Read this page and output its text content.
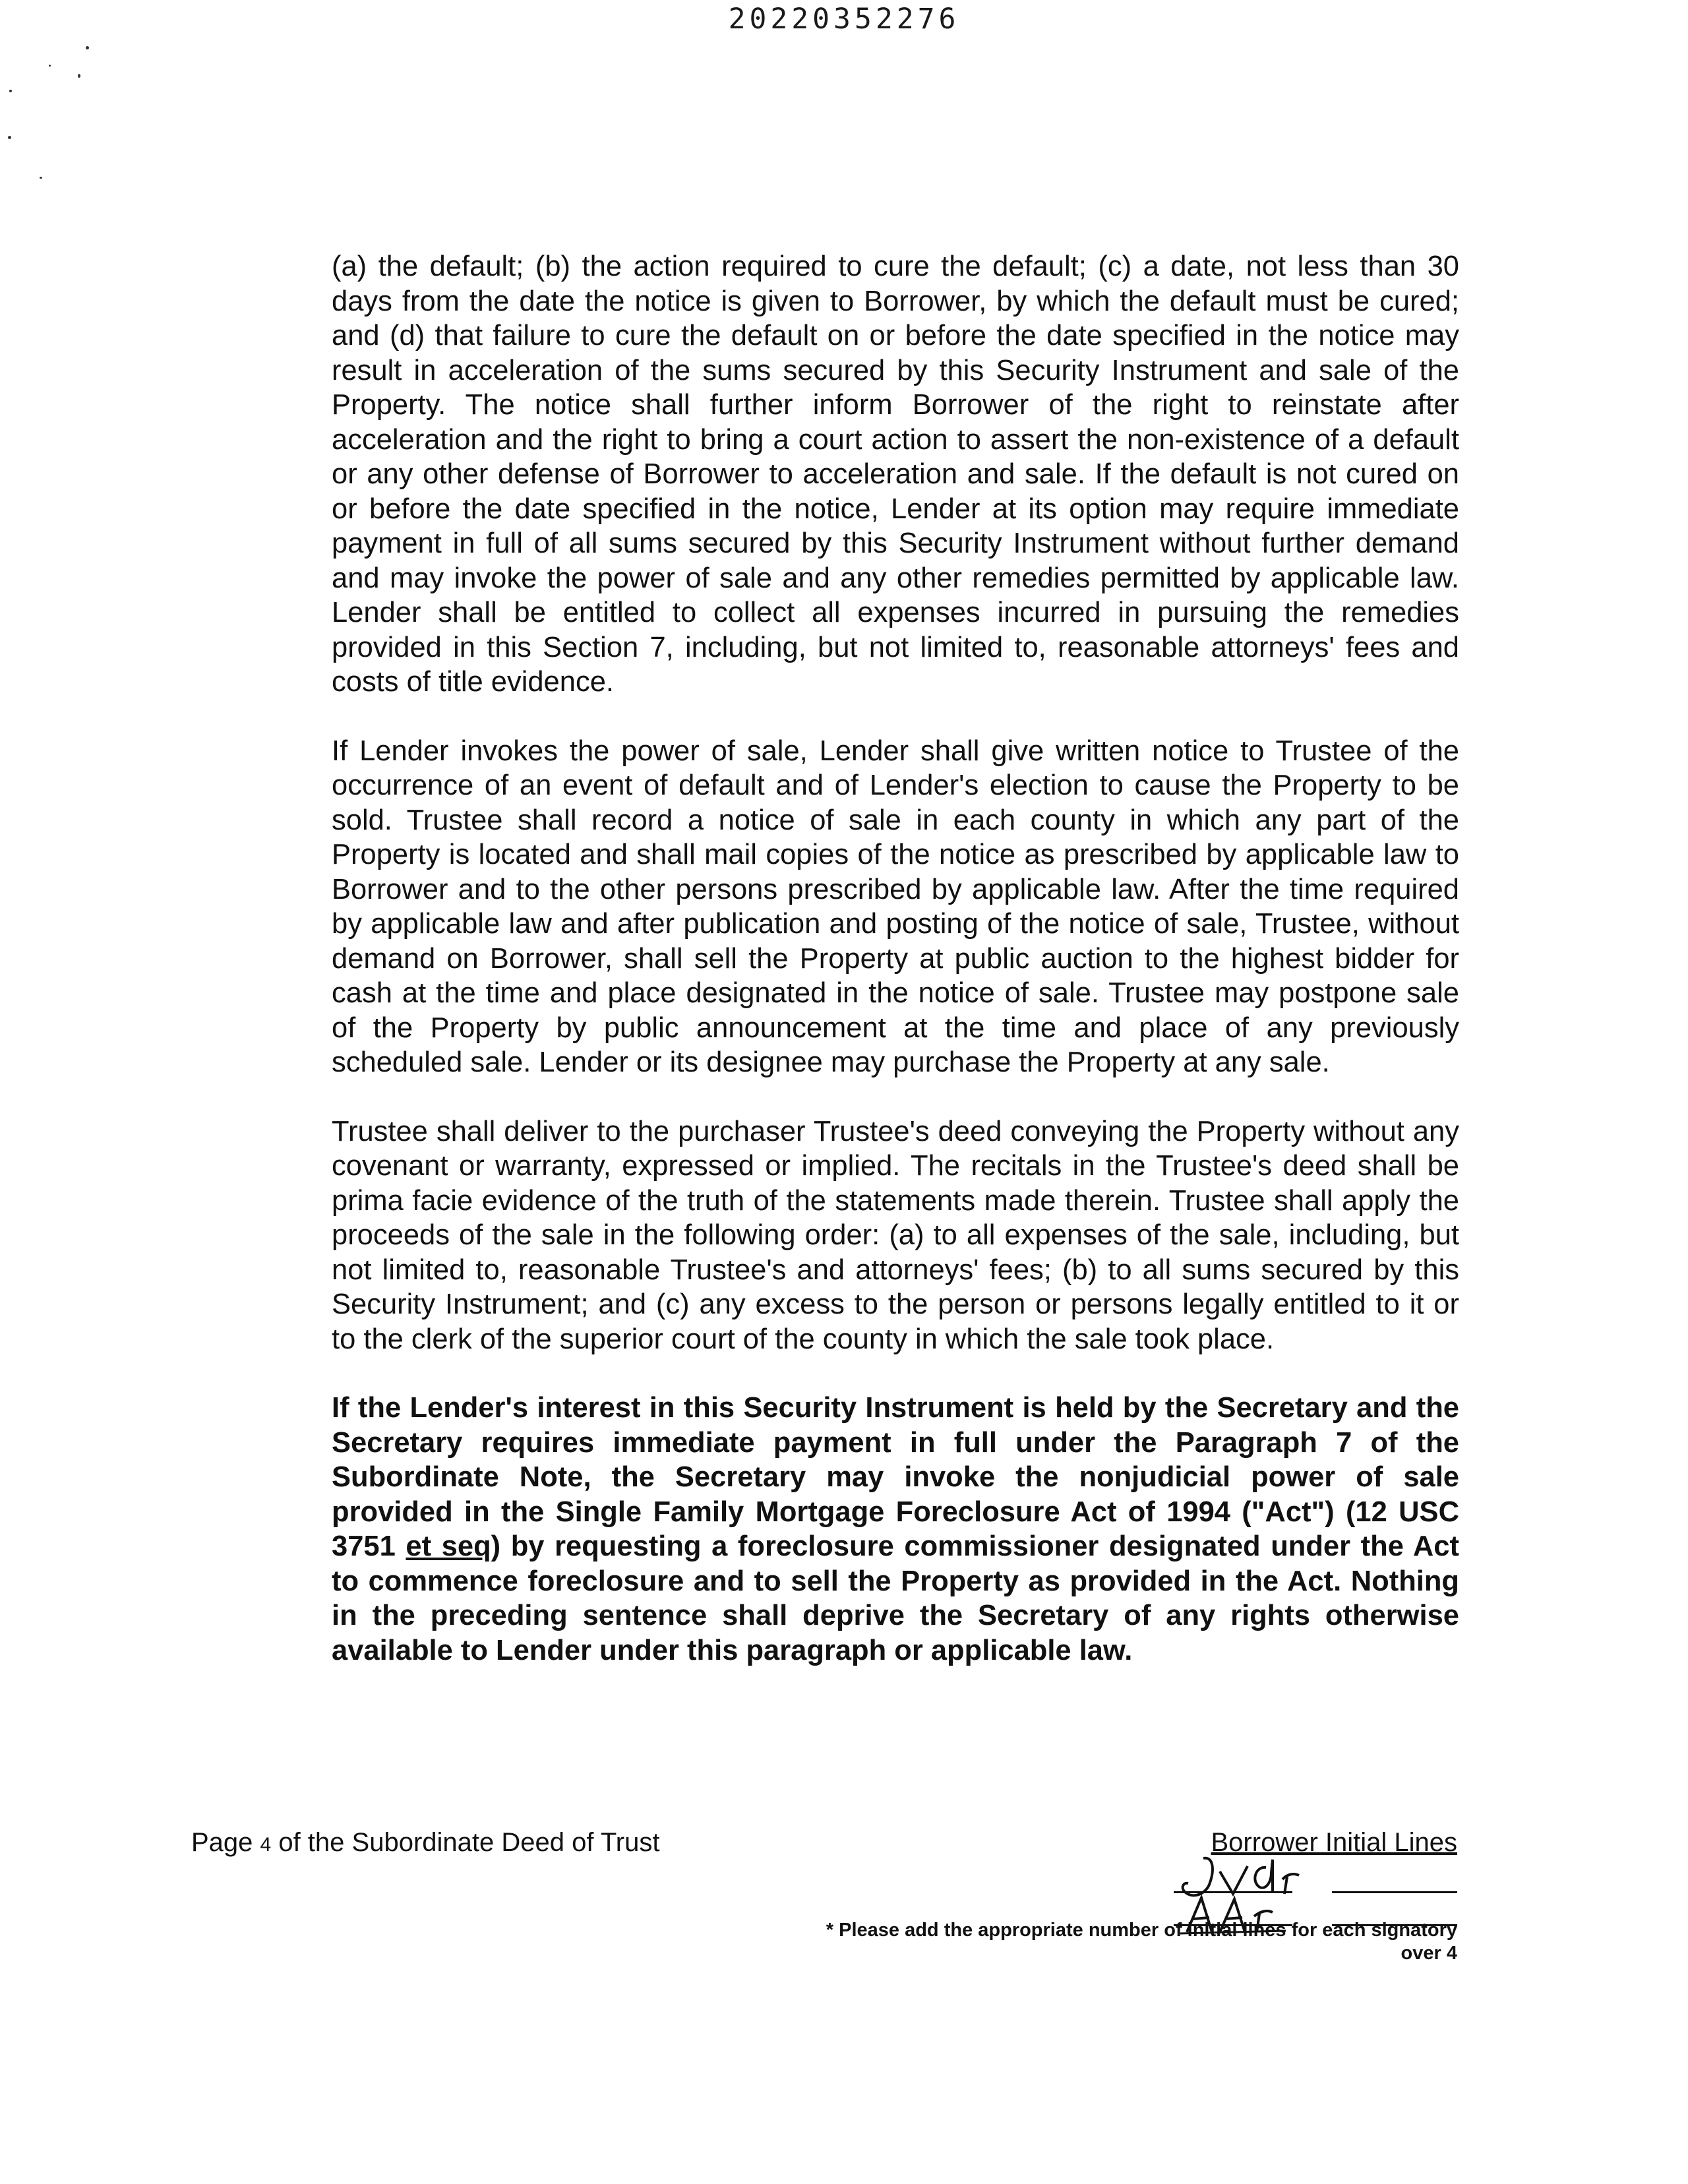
20220352276

(a) the default; (b) the action required to cure the default; (c) a date, not less than 30 days from the date the notice is given to Borrower, by which the default must be cured; and (d) that failure to cure the default on or before the date specified in the notice may result in acceleration of the sums secured by this Security Instrument and sale of the Property. The notice shall further inform Borrower of the right to reinstate after acceleration and the right to bring a court action to assert the non-existence of a default or any other defense of Borrower to acceleration and sale. If the default is not cured on or before the date specified in the notice, Lender at its option may require immediate payment in full of all sums secured by this Security Instrument without further demand and may invoke the power of sale and any other remedies permitted by applicable law. Lender shall be entitled to collect all expenses incurred in pursuing the remedies provided in this Section 7, including, but not limited to, reasonable attorneys' fees and costs of title evidence.

If Lender invokes the power of sale, Lender shall give written notice to Trustee of the occurrence of an event of default and of Lender's election to cause the Property to be sold. Trustee shall record a notice of sale in each county in which any part of the Property is located and shall mail copies of the notice as prescribed by applicable law to Borrower and to the other persons prescribed by applicable law. After the time required by applicable law and after publication and posting of the notice of sale, Trustee, without demand on Borrower, shall sell the Property at public auction to the highest bidder for cash at the time and place designated in the notice of sale. Trustee may postpone sale of the Property by public announcement at the time and place of any previously scheduled sale. Lender or its designee may purchase the Property at any sale.

Trustee shall deliver to the purchaser Trustee's deed conveying the Property without any covenant or warranty, expressed or implied. The recitals in the Trustee's deed shall be prima facie evidence of the truth of the statements made therein. Trustee shall apply the proceeds of the sale in the following order: (a) to all expenses of the sale, including, but not limited to, reasonable Trustee's and attorneys' fees; (b) to all sums secured by this Security Instrument; and (c) any excess to the person or persons legally entitled to it or to the clerk of the superior court of the county in which the sale took place.

If the Lender's interest in this Security Instrument is held by the Secretary and the Secretary requires immediate payment in full under the Paragraph 7 of the Subordinate Note, the Secretary may invoke the nonjudicial power of sale provided in the Single Family Mortgage Foreclosure Act of 1994 ("Act") (12 USC 3751 et seq) by requesting a foreclosure commissioner designated under the Act to commence foreclosure and to sell the Property as provided in the Act. Nothing in the preceding sentence shall deprive the Secretary of any rights otherwise available to Lender under this paragraph or applicable law.

Page 4 of the Subordinate Deed of Trust	Borrower Initial Lines
* Please add the appropriate number of initial lines for each signatory
over 4
